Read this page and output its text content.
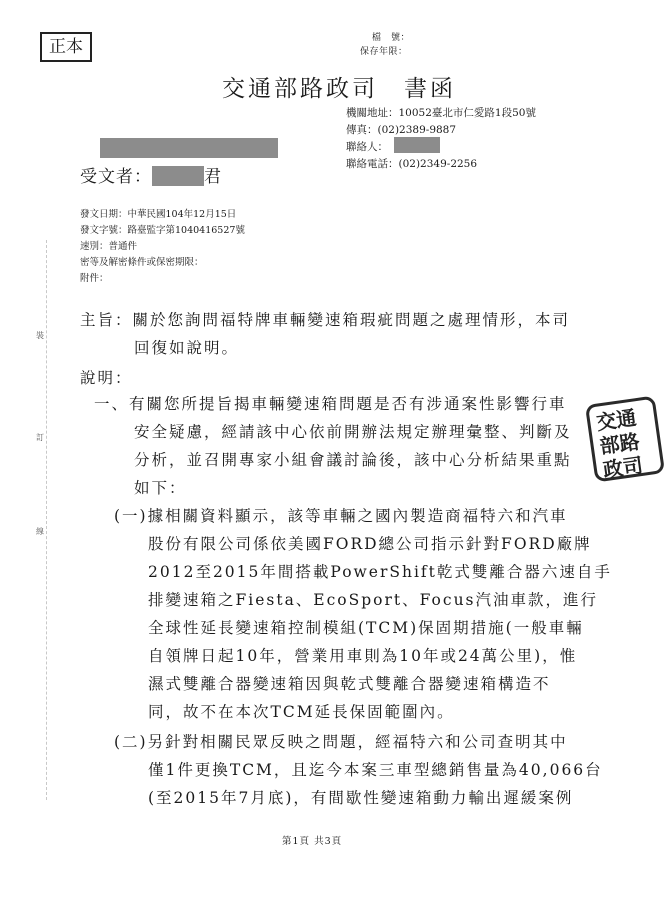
正本	檔　號：
保存年限：
交通部路政司　書函
機關地址：10052臺北市仁愛路1段50號
傳真：(02)2389-9887
聯絡人：
聯絡電話：(02)2349-2256
受文者：	君
發文日期：中華民國104年12月15日
發文字號：路臺監字第1040416527號
速別：普通件
密等及解密條件或保密期限：
附件：
裝
訂
線
主旨：關於您詢問福特牌車輛變速箱瑕疵問題之處理情形，本司
回復如說明。
說明：
一、有關您所提旨揭車輛變速箱問題是否有涉通案性影響行車
安全疑慮，經請該中心依前開辦法規定辦理彙整、判斷及
分析，並召開專家小組會議討論後，該中心分析結果重點
如下：
(一)據相關資料顯示，該等車輛之國內製造商福特六和汽車
股份有限公司係依美國FORD總公司指示針對FORD廠牌
2012至2015年間搭載PowerShift乾式雙離合器六速自手
排變速箱之Fiesta、EcoSport、Focus汽油車款，進行
全球性延長變速箱控制模組(TCM)保固期措施(一般車輛
自領牌日起10年，營業用車則為10年或24萬公里)，惟
濕式雙離合器變速箱因與乾式雙離合器變速箱構造不
同，故不在本次TCM延長保固範圍內。
(二)另針對相關民眾反映之問題，經福特六和公司查明其中
僅1件更換TCM，且迄今本案三車型總銷售量為40,066台
(至2015年7月底)，有間歇性變速箱動力輸出遲緩案例
交通部路政司
第1頁 共3頁
